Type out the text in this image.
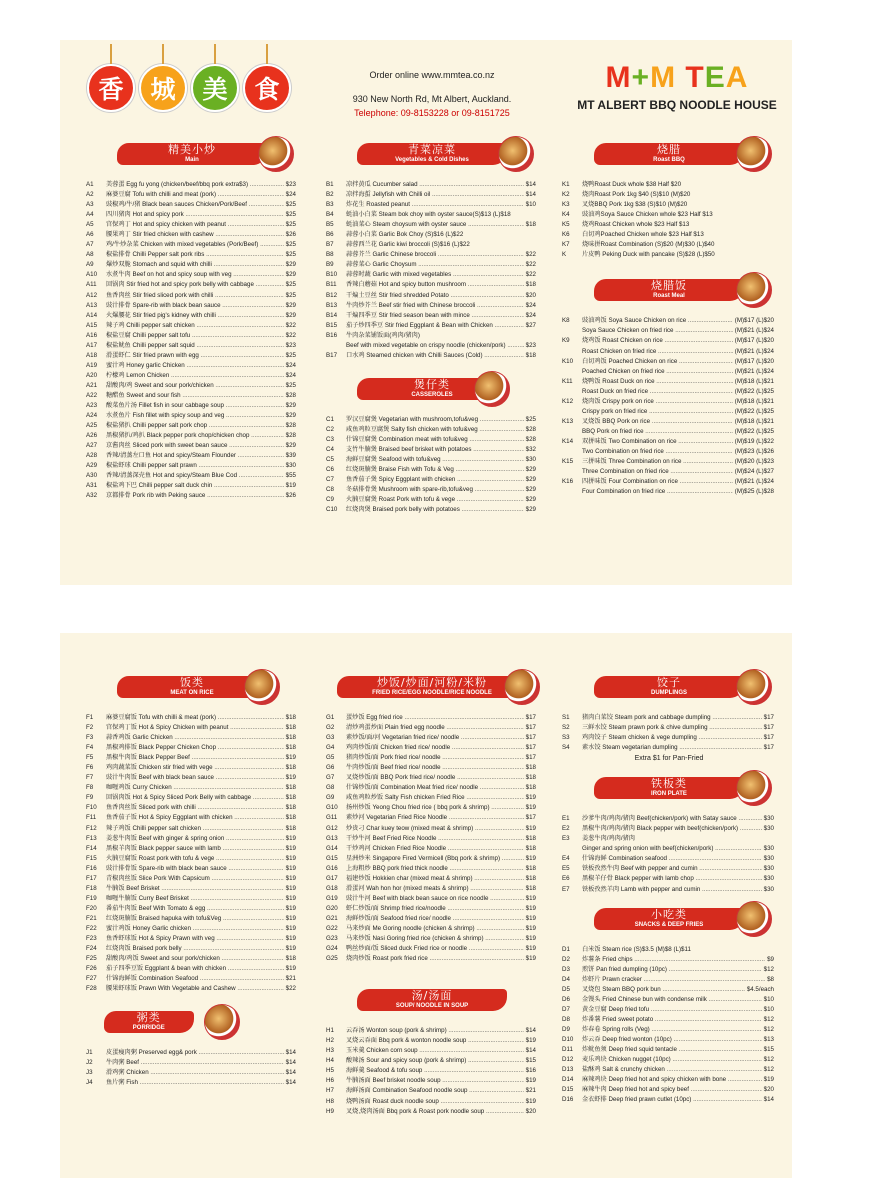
香	城	美	食	Order online www.mmtea.co.nz
930 New North Rd, Mt Albert, Auckland.
Telephone: 09-8153228 or 09-8151725
M+M TEA
MT ALBERT BBQ NOODLE HOUSE
精美小炒
Main
A1	美蓉蛋 Egg fu yong (chicken/beef/bbq pork extra$3) .....	$23
A2	麻婆豆腐 Tofu with chilli and meat (pork) .....	$24
A3	豉椒鸡/牛/猪 Black bean sauces Chicken/Pork/Beef .....	$25
A4	四川猪肉 Hot and spicy pork .....	$25
A5	宫保鸡丁 Hot and spicy chicken with peanut .....	$25
A6	腰果鸡丁 Stir fried chicken with cashew .....	$26
A7	鸡/牛炒杂菜 Chicken with mixed vegetables (Pork/Beef) .....	$25
A8	椒盐排骨 Chilli Pepper salt pork ribs .....	$25
A9	爆炒双脆 Stomach and squid with chilli .....	$29
A10	水煮牛肉 Beef on hot and spicy soup with veg .....	$29
A11	回锅肉 Stir fried hot and spicy pork belly with cabbage .....	$25
A12	鱼香肉丝 Stir fried sliced pork with chilli .....	$25
A13	豉汁排骨 Spare-rib with black bean sauce .....	$29
A14	火爆腰花 Stir fried pig's kidney with chilli .....	$29
A15	辣子鸡 Chilli pepper salt chicken .....	$22
A16	椒盐豆腐 Chilli pepper salt tofu .....	$22
A17	椒盐鱿鱼 Chilli pepper salt squid .....	$23
A18	滑蛋虾仁 Stir fried prawn with egg .....	$25
A19	蜜汁鸡 Honey garlic Chicken .....	$24
A20	柠檬鸡 Lemon Chicken .....	$24
A21	甜酸肉/鸡 Sweet and sour pork/chicken .....	$25
A22	糖醋鱼 Sweet and sour fish .....	$28
A23	酸菜鱼片汤 Fillet fish in sour cabbage soup .....	$29
A24	水煮鱼片 Fish fillet with spicy soup and veg .....	$29
A25	椒盐猪扒 Chilli pepper salt pork chop .....	$28
A26	黑椒猪扒/鸡扒 Black pepper pork chop/chicken chop .....	$28
A27	京酱肉丝 Sliced pork with sweet bean sauce .....	$29
A28	香辣/清蒸左口鱼 Hot and spicy/Steam Flounder .....	$39
A29	椒盐虾球 Chilli pepper salt prawn .....	$30
A30	香辣/清蒸深壳鱼 Hot and spicy/Steam Blue Cod .....	$55
A31	椒盐鸡下巴 Chilli pepper salt duck chin .....	$19
A32	京都排骨 Pork rib with Peking sauce .....	$26
青菜凉菜
Vegetables & Cold Dishes
B1	凉拌黄瓜 Cucumber salad .....	$14
B2	凉拌海蜇 Jellyfish with Chilli oil .....	$14
B3	炸花生 Roasted peanut .....	$10
B4	蚝油小白菜 Steam bok choy with oyster sauce(S)$13 (L)$18
B5	蚝油菜心 Steam choysum with oyster sauce .....	$18
B6	蒜蓉小白菜 Garlic Bok Choy (S)$16 (L)$22
B7	蒜蓉西兰花 Garlic kiwi broccoli (S)$16 (L)$22
B8	蒜蓉芥兰 Garlic Chinese broccoli .....	$22
B9	蒜蓉菜心 Garlic Choysum .....	$22
B10	蒜蓉时蔬 Garlic with mixed vegetables .....	$22
B11	香辣白蘑菇 Hot and spicy button mushroom .....	$18
B12	干煸土豆丝 Stir fried shredded Potato .....	$20
B13	牛肉炒芥兰 Beef stir fried with Chinese broccoli .....	$24
B14	干煸四季豆 Stir fried season bean with mince .....	$24
B15	茄子炒四季豆 Stir fried Eggplant & Bean with Chicken .....	$27
B16	牛肉杂菜铺饭面(鸡肉/猪肉)
Beef with mixed vegetable on crispy noodle (chicken/pork) .....	$23
B17	口水鸡 Steamed chicken with Chilli Sauces (Cold) .....	$18
煲仔类
CASSEROLES
C1	罗汉豆腐煲 Vegetarian with mushroom,tofu&veg .....	$25
C2	咸鱼鸡粒豆腐煲 Salty fish chicken with tofu&veg .....	$28
C3	什锦豆腐煲 Combination meat with tofu&veg .....	$28
C4	支竹牛腩煲 Braised beef brisket with potatoes .....	$32
C5	海鲜豆腐煲 Seafood with tofu&veg .....	$30
C6	红烧斑腩煲 Braise Fish with Tofu & Veg .....	$29
C7	鱼香茄子煲 Spicy Eggplant with chicken .....	$29
C8	冬菇排骨煲 Mushroom with spare-rib,tofu&veg .....	$29
C9	火腩豆腐煲 Roast Pork with tofu & vege .....	$29
C10	红烧肉煲 Braised pork belly with potatoes .....	$29
烧腊
Roast BBQ
K1	烧鸭Roast Duck whole $38 Half $20
K2	烧肉Roast Pork 1kg $40 (S)$10 (M)$20
K3	叉烧BBQ Pork 1kg $38 (S)$10 (M)$20
K4	豉油鸡Soya Sauce Chicken whole $23 Half $13
K5	烧鸡Roast Chicken whole $23 Half $13
K6	白切鸡Poached Chicken whole $23 Half $13
K7	烧味拼Roast Combination (S)$20 (M)$30 (L)$40
K	片皮鸭 Peking Duck with pancake (S)$28 (L)$50
烧腊饭
Roast Meal
K8	豉油鸡饭 Soya Sauce Chicken on rice .....	(M)$17 (L)$20
Soya Sauce Chicken on fried rice .....	(M)$21 (L)$24
K9	烧鸡饭 Roast Chicken on rice .....	(M)$17 (L)$20
Roast Chicken on fried rice .....	(M)$21 (L)$24
K10	白切鸡饭 Poached Chicken on rice .....	(M)$17 (L)$20
Poached Chicken on fried rice .....	(M)$21 (L)$24
K11	烧鸭饭 Roast Duck on rice .....	(M)$18 (L)$21
Roast Duck on fried rice .....	(M)$22 (L)$25
K12	烧肉饭 Crispy pork on rice .....	(M)$18 (L)$21
Crispy pork on fried rice .....	(M)$22 (L)$25
K13	叉烧饭 BBQ Pork on rice .....	(M)$18 (L)$21
BBQ Pork on fried rice .....	(M)$22 (L)$25
K14	双拼味饭 Two Combination on rice .....	(M)$19 (L)$22
Two Combination on fried rice .....	(M)$23 (L)$26
K15	三拼味饭 Three Combination on rice .....	(M)$20 (L)$23
Three Combination on fried rice .....	(M)$24 (L)$27
K16	四拼味饭 Four Combination on rice .....	(M)$21 (L)$24
Four Combination on fried rice .....	(M)$25 (L)$28
饭类
MEAT ON RICE
F1	麻婆豆腐饭 Tofu with chilli & meat (pork) .....	$18
F2	宫保鸡丁饭 Hot & Spicy Chicken with peanut .....	$18
F3	蒜香鸡饭 Garlic Chicken .....	$18
F4	黑椒鸡排饭 Black Pepper Chicken Chop .....	$18
F5	黑椒牛肉饭 Black Pepper Beef .....	$19
F6	鸡肉蔬菜饭 Chicken stir fried with vege .....	$18
F7	豉汁牛肉饭 Beef with black bean sauce .....	$19
F8	咖喱鸡饭 Curry Chicken .....	$18
F9	回锅肉饭 Hot & Spicy Sliced Pork Belly with cabbage .....	$18
F10	鱼香肉丝饭 Sliced pork with chilli .....	$18
F11	鱼香茄子饭 Hot & Spicy Eggplant with chicken .....	$18
F12	辣子鸡饭 Chilli pepper salt chicken .....	$18
F13	姜葱牛肉饭 Beef with ginger & spring onion .....	$19
F14	黑椒羊肉饭 Black pepper sauce with lamb .....	$19
F15	火腩豆腐饭 Roast pork with tofu & vege .....	$19
F16	豉汁排骨饭 Spare-rib with black bean sauce .....	$19
F17	青椒肉丝饭 Slice Pork With Capsicum .....	$19
F18	牛腩饭 Beef Brisket .....	$19
F19	咖喱牛腩饭 Curry Beef Brisket .....	$19
F20	番茄牛肉饭 Beef With Tomato & egg .....	$19
F21	红烧斑腩饭 Braised hapuka with tofu&Veg .....	$19
F22	蜜汁鸡饭 Honey Garlic chicken .....	$19
F23	鱼香虾球饭 Hot & Spicy Prawn with veg .....	$19
F24	红烧肉饭 Braised pork belly .....	$19
F25	甜酸肉/鸡饭 Sweet and sour pork/chicken .....	$18
F26	茄子四季豆饭 Eggplant & bean with chicken .....	$19
F27	什锦海鲜饭 Combination Seafood .....	$21
F28	腰果虾球饭 Prawn With Vegetable and Cashew .....	$22
粥类
PORRIDGE
J1	皮蛋瘦肉粥 Preserved egg& pork .....	$14
J2	牛肉粥 Beef .....	$14
J3	滑鸡粥 Chicken .....	$14
J4	鱼片粥 Fish .....	$14
炒饭/炒面/河粉/米粉
FRIED RICE/EGG NOODLE/RICE NOODLE
G1	蛋炒饭 Egg fried rice .....	$17
G2	清炒鸡蛋炒面 Plain fried egg noodle .....	$17
G3	素炒饭/面/河 Vegetarian fried rice/ noodle .....	$17
G4	鸡肉炒饭/面 Chicken fried rice/ noodle .....	$17
G5	猪肉炒饭/面 Pork fried rice/ noodle .....	$17
G6	牛肉炒饭/面 Beef fried rice/ noodle .....	$18
G7	叉烧炒饭/面 BBQ Pork fried rice/ noodle .....	$18
G8	什锦炒饭/面 Combination Meat fried rice/ noodle .....	$18
G9	咸鱼鸡粒炒饭 Salty Fish chicken Fried Rice .....	$19
G10	扬州炒饭 Yeong Chou fried rice ( bbq pork & shrimp) .....	$19
G11	素炒河 Vegetarian Fried Rice Noodle .....	$17
G12	炒贵刁 Char kuey teow (mixed meat & shrimp) .....	$19
G13	干炒牛河 Beef Fried Rice Noodle .....	$18
G14	干炒鸡河 Chicken Fried Rice Noodle .....	$18
G15	星洲炒米 Singapore Fired Vermicell (Bbq pork & shrimp) .....	$19
G16	上海粗炒 BBQ pork fried thick noodle .....	$18
G17	福建炒饭 Hokkien char (mixed meat & shrimp) .....	$18
G18	滑蛋河 Wah hon hor (mixed meats & shrimp) .....	$18
G19	豉汁牛河 Beef with black bean sauce on rice noodle .....	$19
G20	虾仁炒饭/面 Shrimp fried rice/noodle .....	$19
G21	海鲜炒饭/面 Seafood fried rice/ noodle .....	$19
G22	马来炒面 Me Goring noodle (chicken & shrimp) .....	$19
G23	马来炒饭 Nasi Goring fried rice (chicken & shrimp) .....	$19
G24	鸭丝炒面/饭 Sliced duck Fried rice or noodle .....	$19
G25	烧肉炒饭 Roast pork fried rice .....	$19
汤/汤面
SOUP/ NOODLE IN SOUP
H1	云吞汤 Wonton soup (pork & shrimp) .....	$14
H2	叉烧云吞面 Bbq pork & wonton noodle soup .....	$19
H3	玉米羹 Chicken corn soup .....	$14
H4	酸辣汤 Sour and spicy soup (pork & shrimp) .....	$15
H5	海鲜羹 Seafood & tofu soup .....	$16
H6	牛腩汤面 Beef brisket noodle soup .....	$19
H7	海鲜汤面 Combination Seafood noodle soup .....	$21
H8	烧鸭汤面 Roast duck noodle soup .....	$19
H9	叉烧,烧肉汤面 Bbq pork & Roast pork noodle soup .....	$20
饺子
DUMPLINGS
S1	猪肉白菜饺 Steam pork and cabbage dumpling .....	$17
S2	三鲜水饺 Steam prawn pork & chive dumpling .....	$17
S3	鸡肉饺子 Steam chicken & vege dumpling .....	$17
S4	素水饺 Steam vegetarian dumpling .....	$17
Extra $1 for Pan-Fried
铁板类
IRON PLATE
E1	沙爹牛肉/鸡肉/猪肉 Beef(chicken/pork) with Satay sauce .....	$30
E2	黑椒牛肉/鸡肉/猪肉 Black pepper with beef(chicken/pork) .....	$30
E3	姜葱牛肉/鸡肉/猪肉
Ginger and spring onion with beef(chicken/pork) .....	$30
E4	什锦海鲜 Combination seafood .....	$30
E5	铁板孜然牛肉 Beef with pepper and cumin .....	$30
E6	黑椒羊仔骨 Black pepper with lamb chop .....	$30
E7	铁板孜然羊肉 Lamb with pepper and cumin .....	$30
小吃类
SNACKS & DEEP FRIES
D1	白米饭 Steam rice (S)$3.5 (M)$8 (L)$11
D2	炸薯条 Fried chips .....	$9
D3	煎饼 Pan fried dumpling (10pc) .....	$12
D4	炸虾片 Prawn cracker .....	$8
D5	叉烧包 Steam BBQ pork bun .....	$4.5/each
D6	金馒头 Fried Chinese bun with condense milk .....	$10
D7	黄金豆腐 Deep fried tofu .....	$10
D8	炸番薯 Fried sweet potato .....	$12
D9	炸春卷 Spring rolls (Veg) .....	$12
D10	炸云吞 Deep fried wonton (10pc) .....	$13
D11	炸鱿鱼须 Deep fried squid tentacle .....	$15
D12	麦乐鸡块 Chicken nugget (10pc) .....	$12
D13	盐酥鸡 Salt & crunchy chicken .....	$12
D14	麻辣鸡块 Deep fried hot and spicy chicken with bone .....	$19
D15	麻辣牛肉 Deep fried hot and spicy beef .....	$20
D16	金衣虾排 Deep fried prawn cutlet (10pc) .....	$14
